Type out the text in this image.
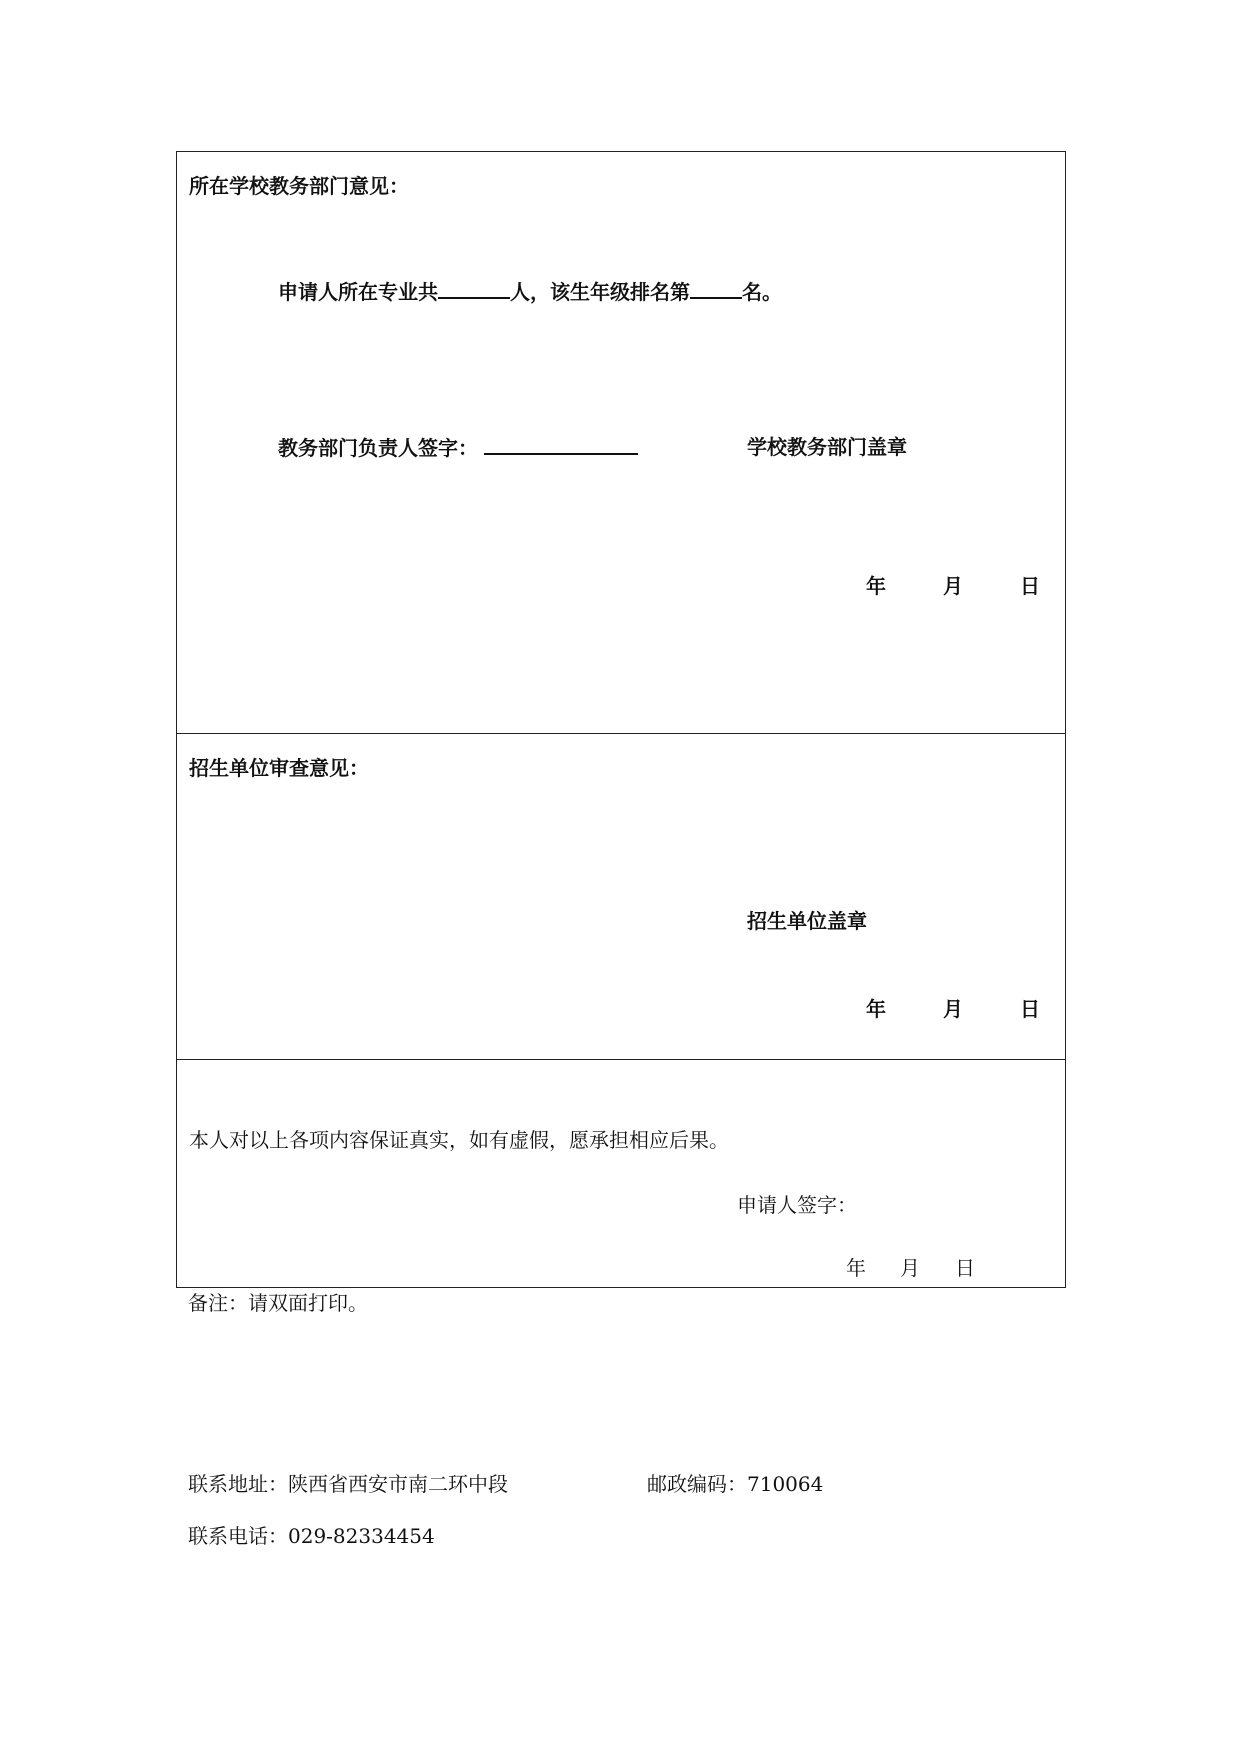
所在学校教务部门意见：
申请人所在专业共	人，该生年级排名第	名。
教务部门负责人签字：	学校教务部门盖章
年	月	日
招生单位审查意见：
招生单位盖章
年	月	日
本人对以上各项内容保证真实，如有虚假，愿承担相应后果。
申请人签字：
年 月 日
备注：请双面打印。
联系地址：陕西省西安市南二环中段	邮政编码：710064
联系电话：029-82334454
